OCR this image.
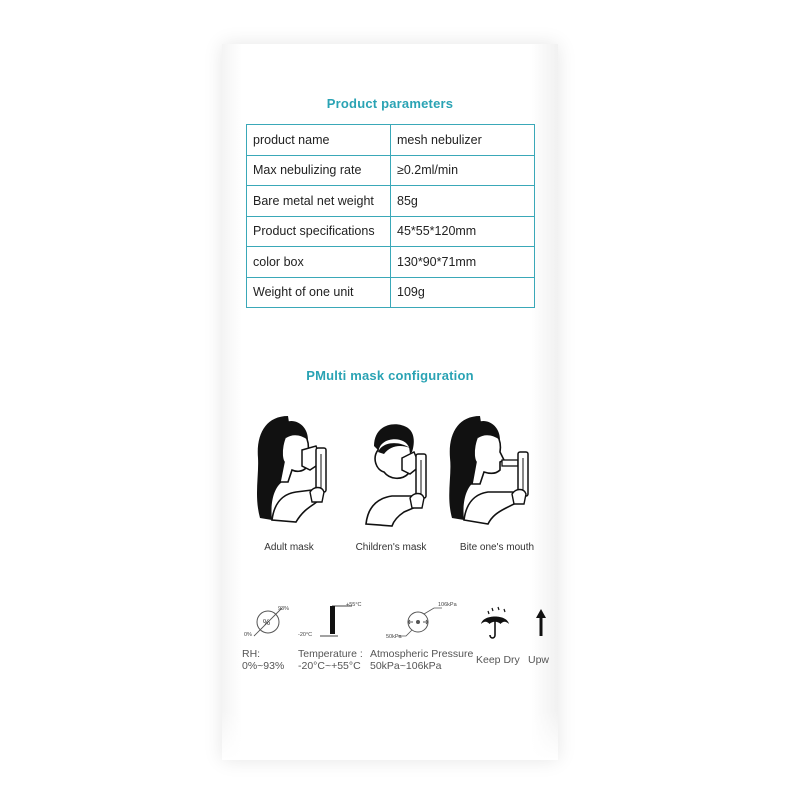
Product parameters
product name	mesh nebulizer
Max nebulizing rate	≥0.2ml/min
Bare metal net weight	85g
Product specifications	45*55*120mm
color box	130*90*71mm
Weight of one unit	109g
PMulti mask configuration
Adult mask	Children's mask	Bite one's mouth
%
93%
0%
RH:
0%~93%
+55°C
-20°C
Temperature :
-20°C~+55°C
106kPa
50kPa
Atmospheric Pressure
50kPa~106kPa	Keep Dry Upw
